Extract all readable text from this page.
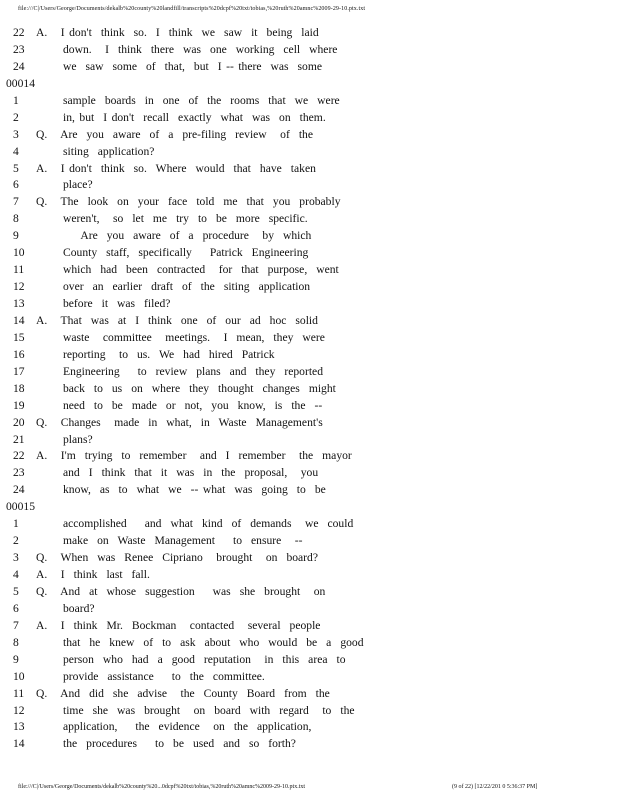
file:///C|/Users/George/Documents/dekalb%20county%20landfill/transcripts%20dcpf%20txt/tobias,%20ruth%20amnc%2009-29-10.ptx.txt
22 A.   I don't  think  so.  I  think  we  saw  it  being  laid
23 down.   I  think  there  was  one  working  cell  where
24 we  saw  some  of  that,  but  I -- there  was  some
00014
1	sample  boards  in  one  of  the  rooms  that  we  were
2	in, but  I don't  recall  exactly  what  was  on  them.
3	Q.   Are  you  aware  of  a  pre-filing  review   of  the
4	siting  application?
5	A.   I don't  think  so.  Where  would  that  have  taken
6	place?
7	Q.   The  look  on  your  face  told  me  that  you  probably
8	weren't,   so  let  me  try  to  be  more  specific.
9	Are  you  aware  of  a  procedure   by  which
10 County  staff,  specifically    Patrick  Engineering
11	which  had  been  contracted   for  that  purpose,  went
12 over  an  earlier  draft  of  the  siting  application
13 before  it  was  filed?
14 A.   That  was  at  I  think  one  of  our  ad  hoc  solid
15 waste   committee   meetings.   I  mean,  they  were
16 reporting   to  us.  We  had  hired  Patrick
17 Engineering    to  review  plans  and  they  reported
18 back  to  us  on  where  they  thought  changes  might
19 need  to  be  made  or  not,  you  know,  is  the  --
20 Q.   Changes   made  in  what,  in  Waste  Management's
21 plans?
22 A.   I'm  trying  to  remember   and  I  remember   the  mayor
23 and  I  think  that  it  was  in  the  proposal,   you
24 know,  as  to  what  we  -- what  was  going  to  be
00015
1	accomplished    and  what  kind  of  demands   we  could
2	make  on  Waste  Management    to  ensure   --
3	Q.   When  was  Renee  Cipriano   brought   on  board?
4	A.   I  think  last  fall.
5	Q.   And  at  whose  suggestion    was  she  brought   on
6	board?
7	A.   I  think  Mr.  Bockman   contacted   several  people
8	that  he  knew  of  to  ask  about  who  would  be  a  good
9	person  who  had  a  good  reputation   in  this  area  to
10 provide  assistance    to  the  committee.
11	Q.   And  did  she  advise   the  County  Board  from  the
12 time  she  was  brought   on  board  with  regard   to  the
13 application,    the  evidence   on  the  application,
14 the  procedures    to  be  used  and  so  forth?
file:///C|/Users/George/Documents/dekalb%20county%20...0dcpf%20txt/tobias,%20ruth%20amnc%2009-29-10.ptx.txt	(9 of 22) [12/22/201 0 5:36:37 PM]
